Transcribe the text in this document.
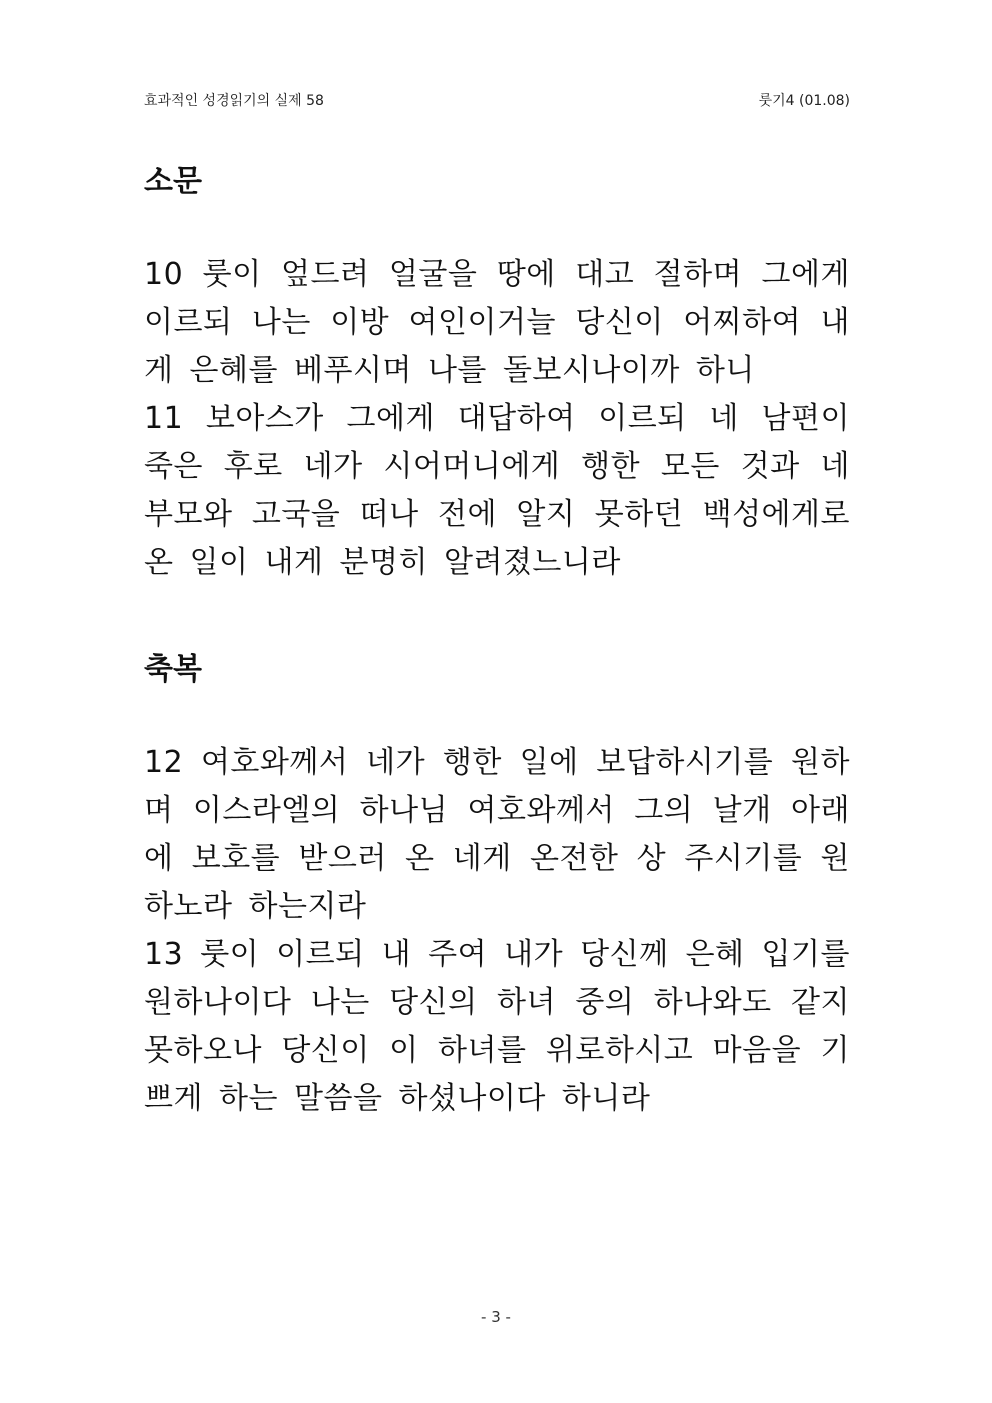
효과적인 성경읽기의 실제 58	룻기4 (01.08)
소문

10 룻이 엎드려 얼굴을 땅에 대고 절하며 그에게 이르되 나는 이방 여인이거늘 당신이 어찌하여 내게 은혜를 베푸시며 나를 돌보시나이까 하니
11 보아스가 그에게 대답하여 이르되 네 남편이 죽은 후로 네가 시어머니에게 행한 모든 것과 네 부모와 고국을 떠나 전에 알지 못하던 백성에게로 온 일이 내게 분명히 알려졌느니라

축복

12 여호와께서 네가 행한 일에 보답하시기를 원하며 이스라엘의 하나님 여호와께서 그의 날개 아래에 보호를 받으러 온 네게 온전한 상 주시기를 원하노라 하는지라
13 룻이 이르되 내 주여 내가 당신께 은혜 입기를 원하나이다 나는 당신의 하녀 중의 하나와도 같지 못하오나 당신이 이 하녀를 위로하시고 마음을 기쁘게 하는 말씀을 하셨나이다 하니라

- 3 -
